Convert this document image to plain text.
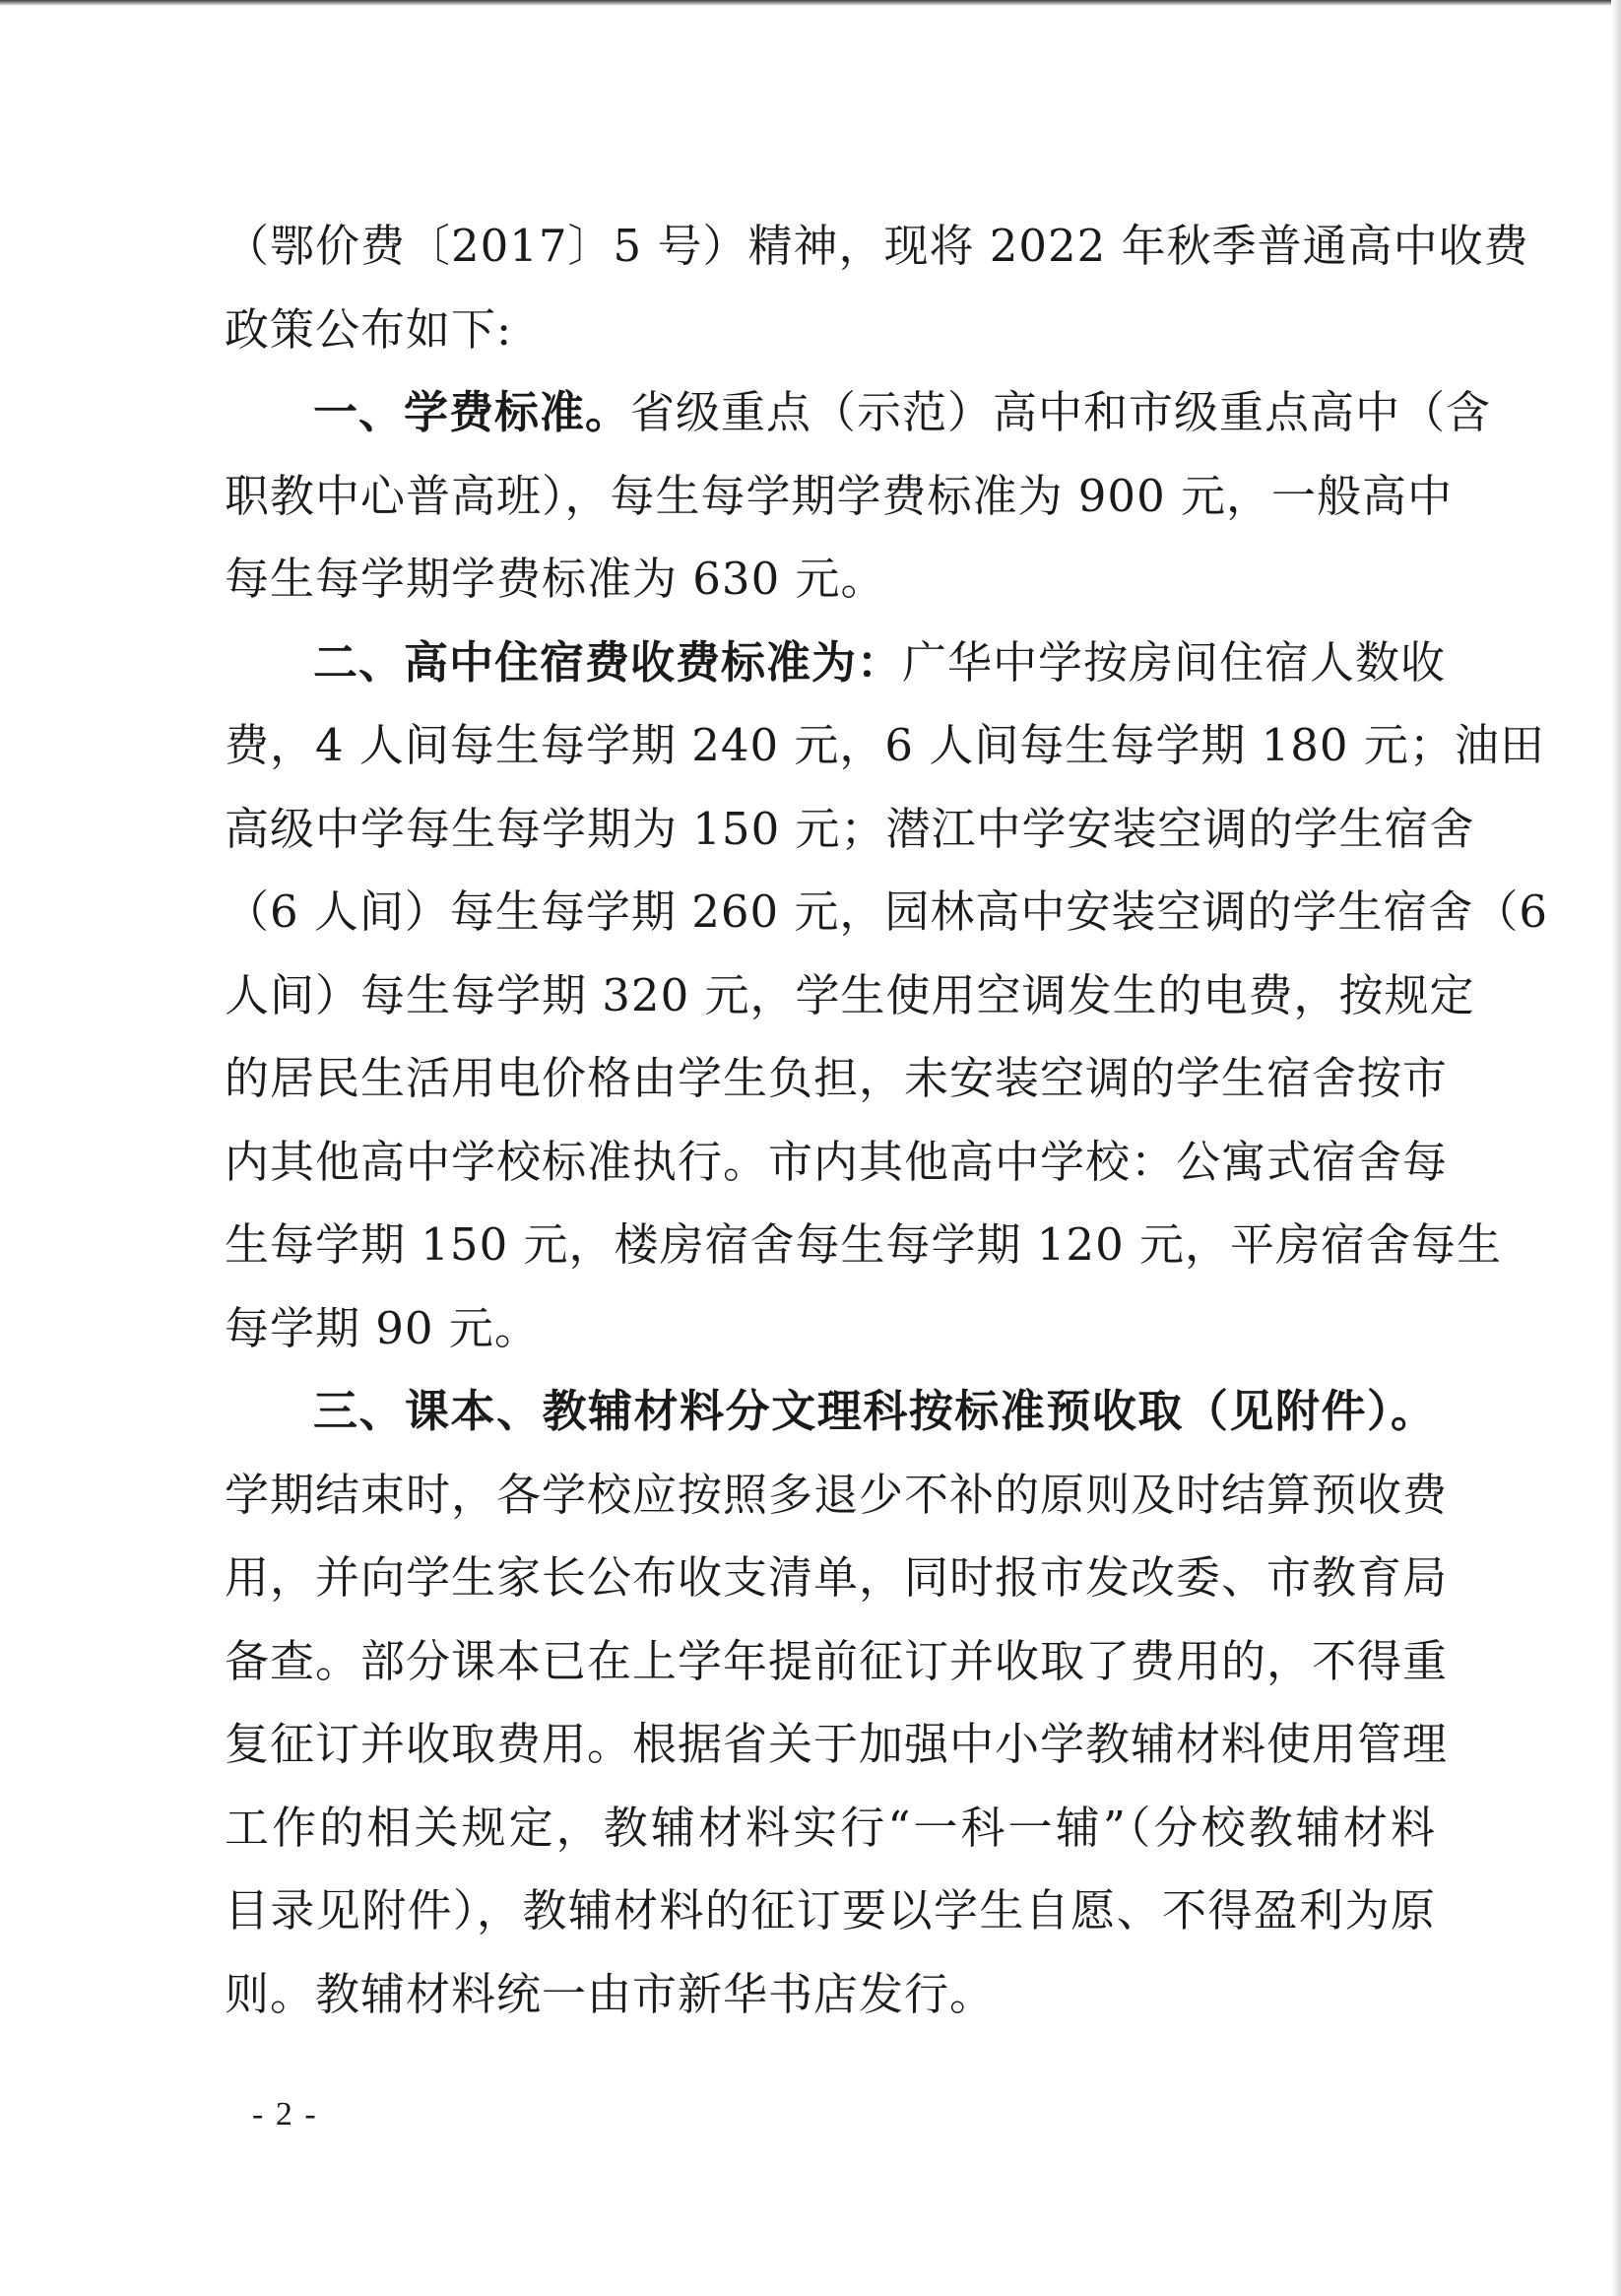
（鄂价费〔2017〕5 号）精神，现将 2022 年秋季普通高中收费
政策公布如下:
一、学费标准。省级重点（示范）高中和市级重点高中（含
职教中心普高班），每生每学期学费标准为 900 元，一般高中
每生每学期学费标准为 630 元。
二、高中住宿费收费标准为：广华中学按房间住宿人数收
费，4 人间每生每学期 240 元，6 人间每生每学期 180 元；油田
高级中学每生每学期为 150 元；潜江中学安装空调的学生宿舍
（6 人间）每生每学期 260 元，园林高中安装空调的学生宿舍（6
人间）每生每学期 320 元，学生使用空调发生的电费，按规定
的居民生活用电价格由学生负担，未安装空调的学生宿舍按市
内其他高中学校标准执行。市内其他高中学校：公寓式宿舍每
生每学期 150 元，楼房宿舍每生每学期 120 元，平房宿舍每生
每学期 90 元。
三、课本、教辅材料分文理科按标准预收取（见附件）。
学期结束时，各学校应按照多退少不补的原则及时结算预收费
用，并向学生家长公布收支清单，同时报市发改委、市教育局
备查。部分课本已在上学年提前征订并收取了费用的，不得重
复征订并收取费用。根据省关于加强中小学教辅材料使用管理
工作的相关规定，教辅材料实行“一科一辅”（分校教辅材料
目录见附件），教辅材料的征订要以学生自愿、不得盈利为原
则。教辅材料统一由市新华书店发行。
- 2 -
